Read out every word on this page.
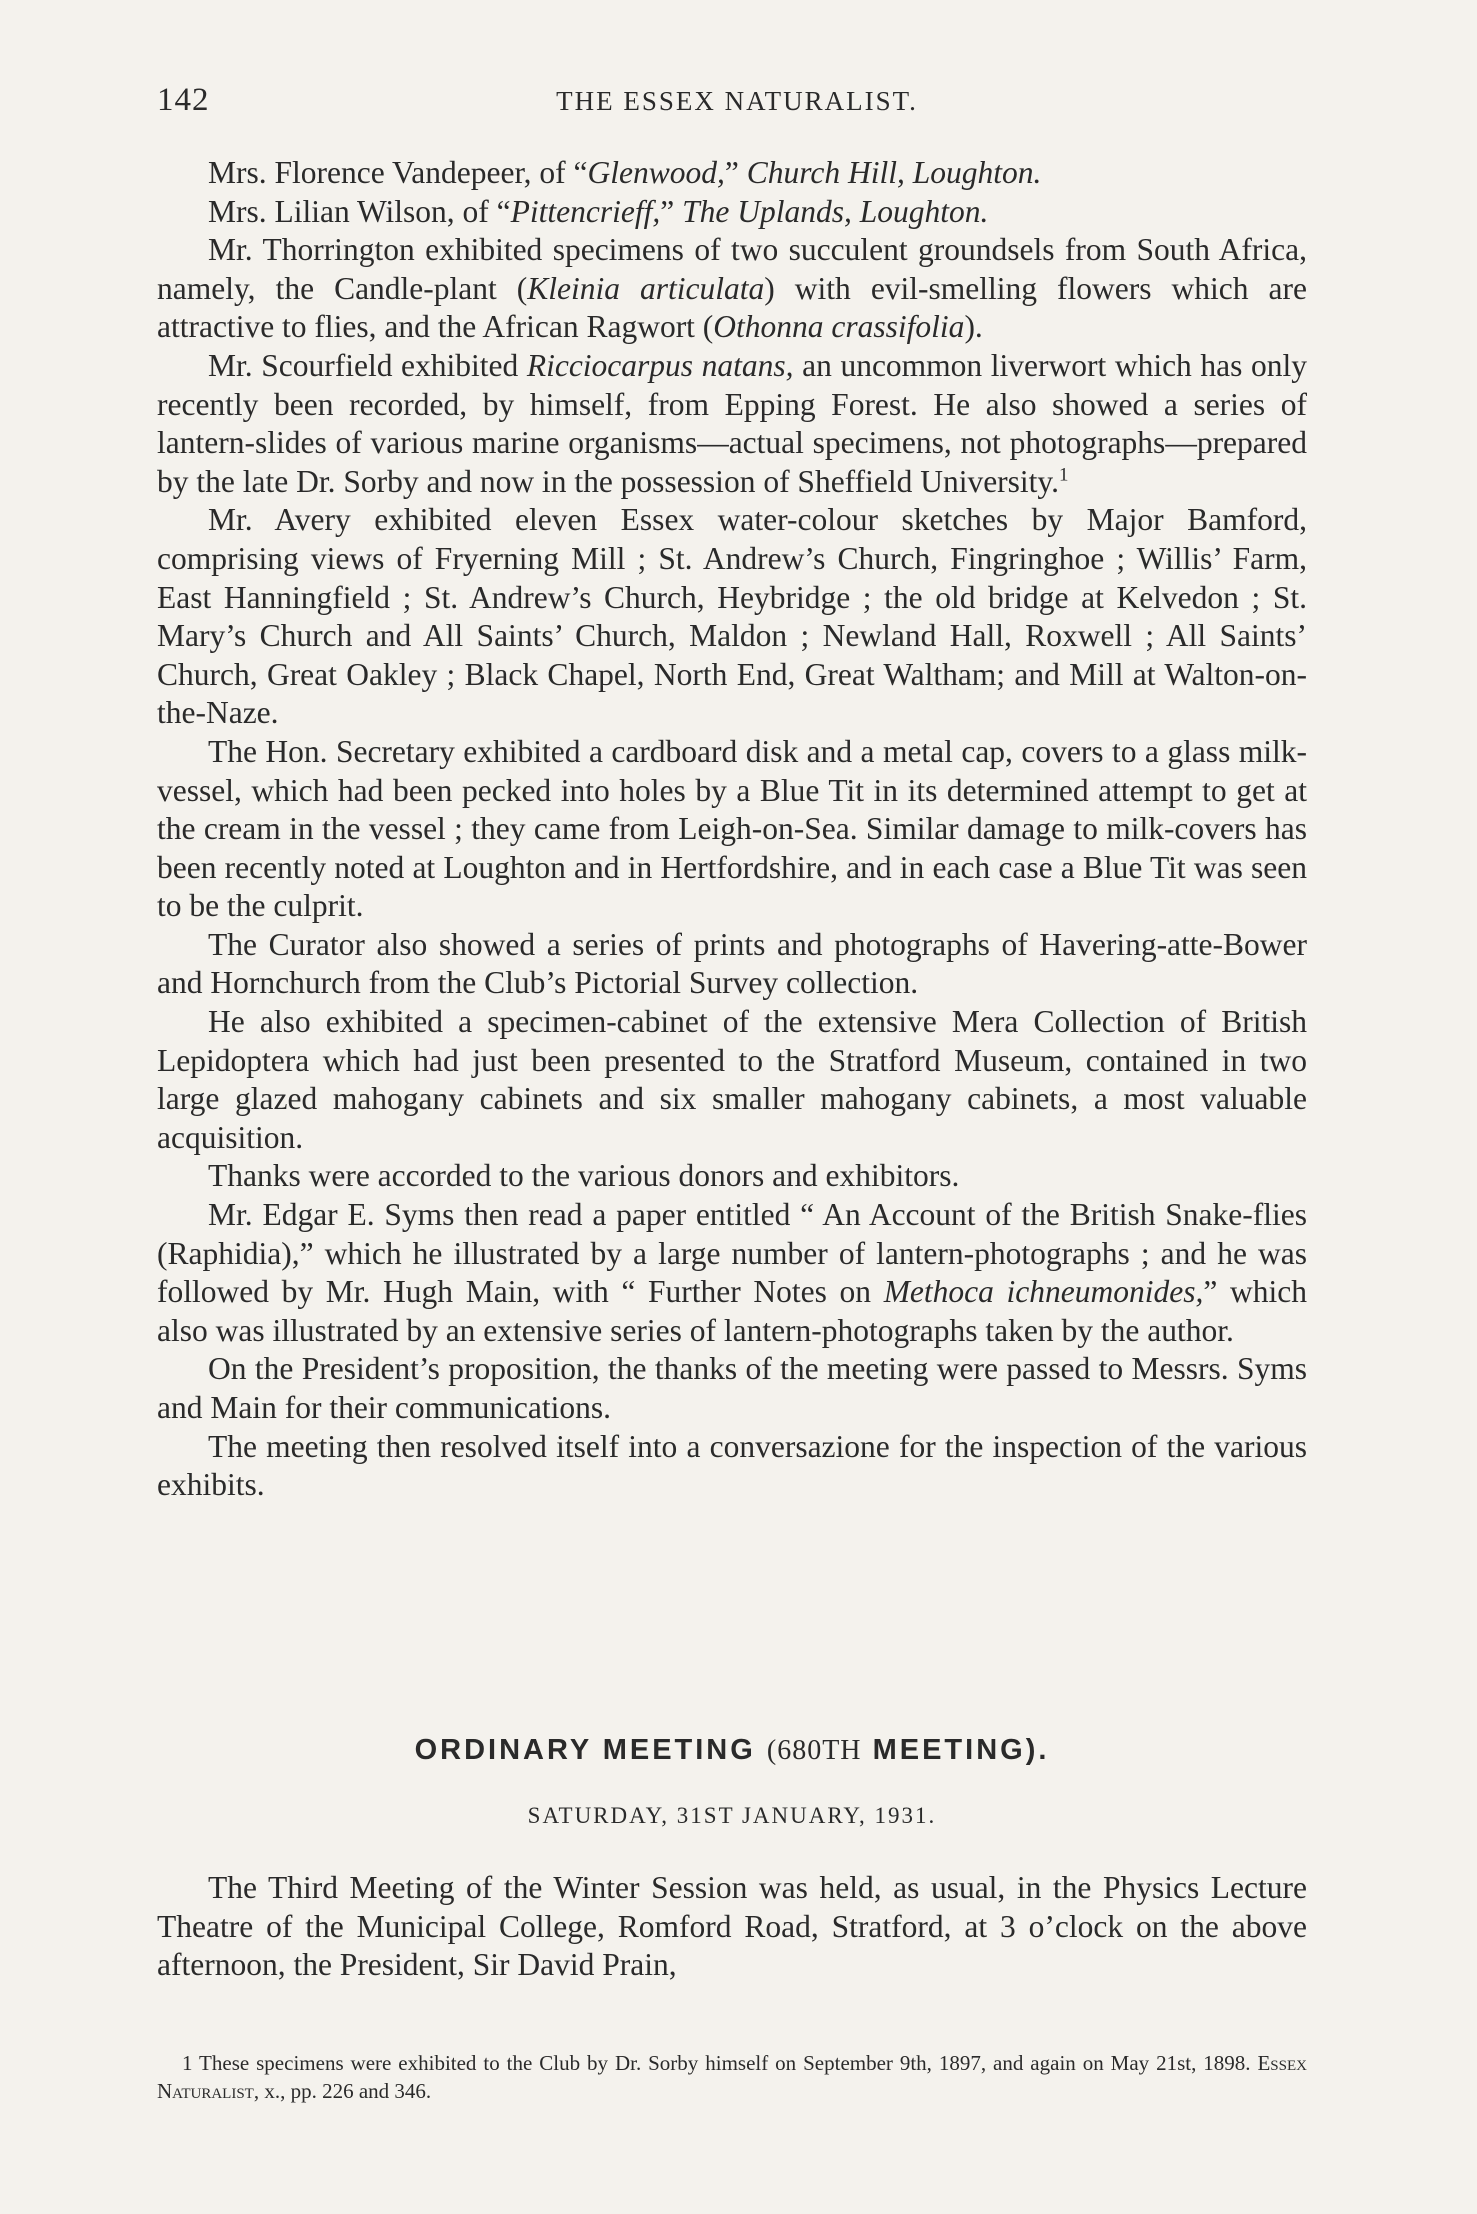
142	THE ESSEX NATURALIST.

Mrs. Florence Vandepeer, of “Glenwood,” Church Hill, Loughton.

Mrs. Lilian Wilson, of “Pittencrieff,” The Uplands, Loughton.

Mr. Thorrington exhibited specimens of two succulent groundsels from South Africa, namely, the Candle-plant (Kleinia articulata) with evil-smelling flowers which are attractive to flies, and the African Ragwort (Othonna crassifolia).

Mr. Scourfield exhibited Ricciocarpus natans, an uncommon liverwort which has only recently been recorded, by himself, from Epping Forest. He also showed a series of lantern-slides of various marine organisms—actual specimens, not photographs—prepared by the late Dr. Sorby and now in the possession of Sheffield University.$^1$

Mr. Avery exhibited eleven Essex water-colour sketches by Major Bamford, comprising views of Fryerning Mill ; St. Andrew’s Church, Fingringhoe ; Willis’ Farm, East Hanningfield ; St. Andrew’s Church, Heybridge ; the old bridge at Kelvedon ; St. Mary’s Church and All Saints’ Church, Maldon ; Newland Hall, Roxwell ; All Saints’ Church, Great Oakley ; Black Chapel, North End, Great Waltham; and Mill at Walton-on-the-Naze.

The Hon. Secretary exhibited a cardboard disk and a metal cap, covers to a glass milk-vessel, which had been pecked into holes by a Blue Tit in its determined attempt to get at the cream in the vessel ; they came from Leigh-on-Sea. Similar damage to milk-covers has been recently noted at Loughton and in Hertfordshire, and in each case a Blue Tit was seen to be the culprit.

The Curator also showed a series of prints and photographs of Havering-atte-Bower and Hornchurch from the Club’s Pictorial Survey collection.

He also exhibited a specimen-cabinet of the extensive Mera Collection of British Lepidoptera which had just been presented to the Stratford Museum, contained in two large glazed mahogany cabinets and six smaller mahogany cabinets, a most valuable acquisition.

Thanks were accorded to the various donors and exhibitors.

Mr. Edgar E. Syms then read a paper entitled “ An Account of the British Snake-flies (Raphidia),” which he illustrated by a large number of lantern-photographs ; and he was followed by Mr. Hugh Main, with “ Further Notes on Methoca ichneumonides,” which also was illustrated by an extensive series of lantern-photographs taken by the author.

On the President’s proposition, the thanks of the meeting were passed to Messrs. Syms and Main for their communications.

The meeting then resolved itself into a conversazione for the inspection of the various exhibits.

ORDINARY MEETING (680TH MEETING).
SATURDAY, 31ST JANUARY, 1931.

The Third Meeting of the Winter Session was held, as usual, in the Physics Lecture Theatre of the Municipal College, Romford Road, Stratford, at 3 o’clock on the above afternoon, the President, Sir David Prain,

1 These specimens were exhibited to the Club by Dr. Sorby himself on September 9th, 1897, and again on May 21st, 1898. Essex Naturalist, x., pp. 226 and 346.
